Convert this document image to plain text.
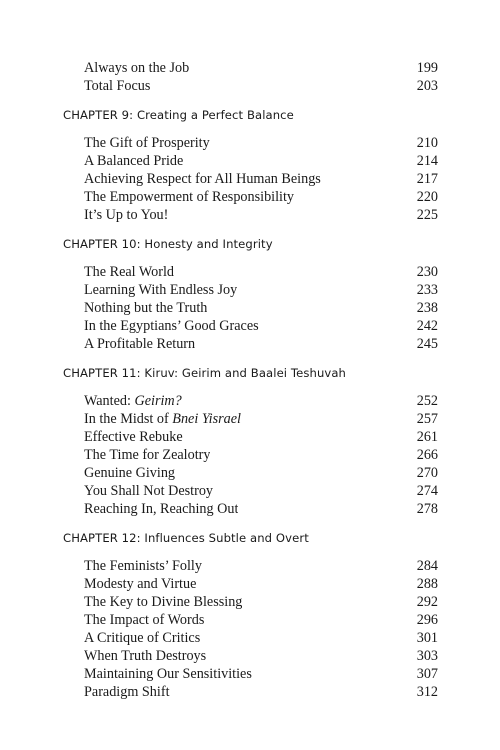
Always on the Job	199
Total Focus	203
CHAPTER 9: Creating a Perfect Balance
The Gift of Prosperity	210
A Balanced Pride	214
Achieving Respect for All Human Beings	217
The Empowerment of Responsibility	220
It’s Up to You!	225
CHAPTER 10: Honesty and Integrity
The Real World	230
Learning With Endless Joy	233
Nothing but the Truth	238
In the Egyptians’ Good Graces	242
A Profitable Return	245
CHAPTER 11: Kiruv: Geirim and Baalei Teshuvah
Wanted: Geirim?	252
In the Midst of Bnei Yisrael	257
Effective Rebuke	261
The Time for Zealotry	266
Genuine Giving	270
You Shall Not Destroy	274
Reaching In, Reaching Out	278
CHAPTER 12: Influences Subtle and Overt
The Feminists’ Folly	284
Modesty and Virtue	288
The Key to Divine Blessing	292
The Impact of Words	296
A Critique of Critics	301
When Truth Destroys	303
Maintaining Our Sensitivities	307
Paradigm Shift	312
